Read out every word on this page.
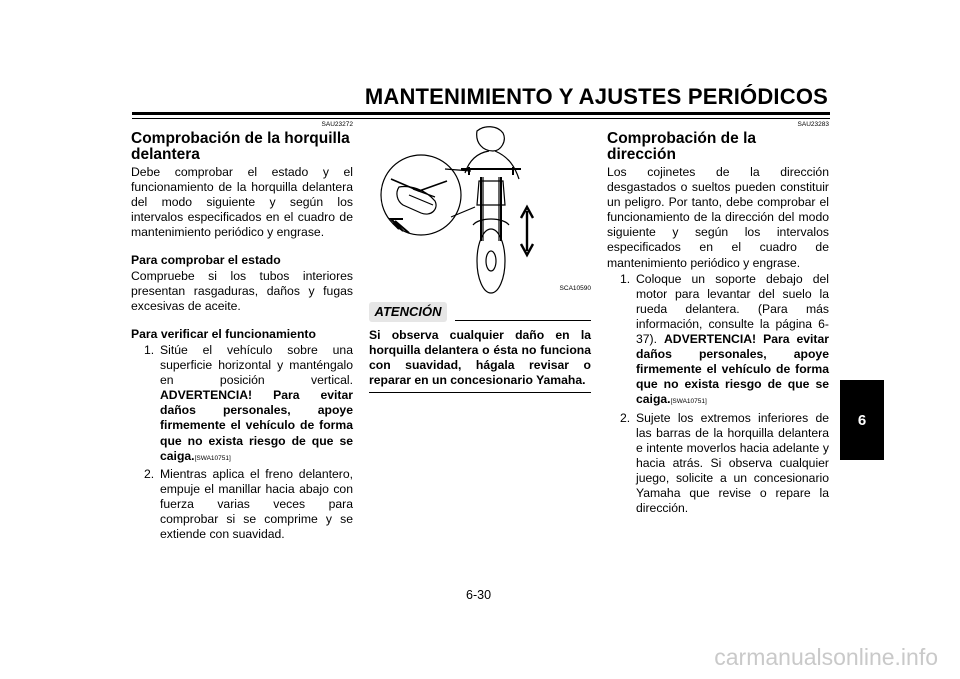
MANTENIMIENTO Y AJUSTES PERIÓDICOS
6
SAU23272
Comprobación de la horquilla delantera

Debe comprobar el estado y el funcionamiento de la horquilla delantera del modo siguiente y según los intervalos especificados en el cuadro de mantenimiento periódico y engrase.

Para comprobar el estado

Compruebe si los tubos interiores presentan rasgaduras, daños y fugas excesivas de aceite.

Para verificar el funcionamiento
1. Sitúe el vehículo sobre una superficie horizontal y manténgalo en posición vertical. ADVERTENCIA! Para evitar daños personales, apoye firmemente el vehículo de forma que no exista riesgo de que se caiga.[SWA10751]
2. Mientras aplica el freno delantero, empuje el manillar hacia abajo con fuerza varias veces para comprobar si se comprime y se extiende con suavidad.
SCA10590
ATENCIÓN

Si observa cualquier daño en la horquilla delantera o ésta no funciona con suavidad, hágala revisar o reparar en un concesionario Yamaha.

SAU23283
Comprobación de la dirección

Los cojinetes de la dirección desgastados o sueltos pueden constituir un peligro. Por tanto, debe comprobar el funcionamiento de la dirección del modo siguiente y según los intervalos especificados en el cuadro de mantenimiento periódico y engrase.

1. Coloque un soporte debajo del motor para levantar del suelo la rueda delantera. (Para más información, consulte la página 6-37). ADVERTENCIA! Para evitar daños personales, apoye firmemente el vehículo de forma que no exista riesgo de que se caiga.[SWA10751]
2. Sujete los extremos inferiores de las barras de la horquilla delantera e intente moverlos hacia adelante y hacia atrás. Si observa cualquier juego, solicite a un concesionario Yamaha que revise o repare la dirección.
6-30
carmanualsonline.info
